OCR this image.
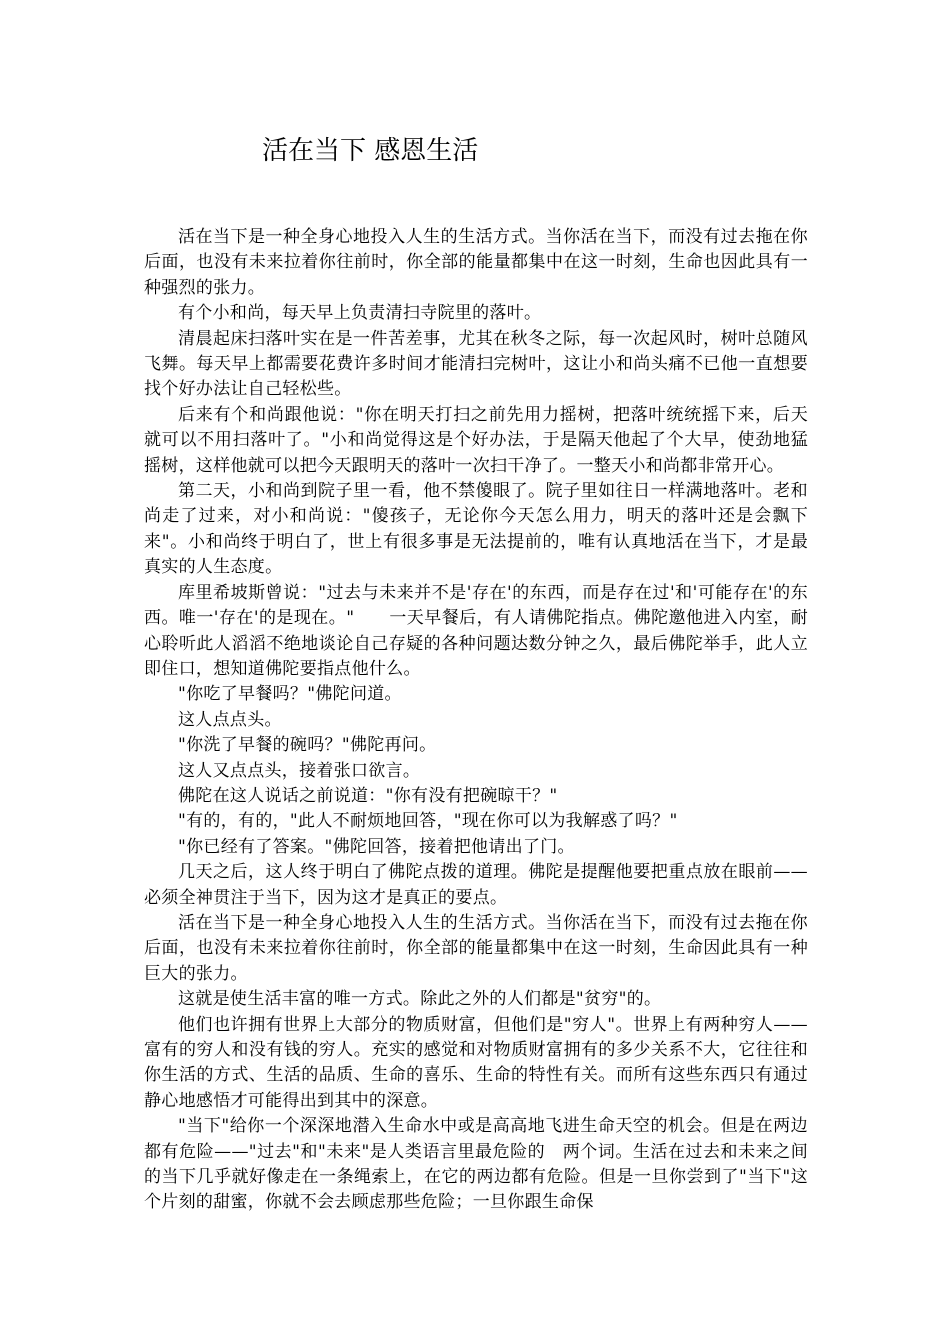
活在当下 感恩生活

活在当下是一种全身心地投入人生的生活方式。当你活在当下，而没有过去拖在你后面，也没有未来拉着你往前时，你全部的能量都集中在这一时刻，生命也因此具有一种强烈的张力。

有个小和尚，每天早上负责清扫寺院里的落叶。

清晨起床扫落叶实在是一件苦差事，尤其在秋冬之际，每一次起风时，树叶总随风飞舞。每天早上都需要花费许多时间才能清扫完树叶，这让小和尚头痛不已他一直想要找个好办法让自己轻松些。

后来有个和尚跟他说："你在明天打扫之前先用力摇树，把落叶统统摇下来，后天就可以不用扫落叶了。"小和尚觉得这是个好办法，于是隔天他起了个大早，使劲地猛摇树，这样他就可以把今天跟明天的落叶一次扫干净了。一整天小和尚都非常开心。

第二天，小和尚到院子里一看，他不禁傻眼了。院子里如往日一样满地落叶。老和尚走了过来，对小和尚说："傻孩子，无论你今天怎么用力，明天的落叶还是会飘下来"。小和尚终于明白了，世上有很多事是无法提前的，唯有认真地活在当下，才是最真实的人生态度。

库里希坡斯曾说："过去与未来并不是'存在'的东西，而是存在过'和'可能存在'的东西。唯一'存在'的是现在。"　　一天早餐后，有人请佛陀指点。佛陀邀他进入内室，耐心聆听此人滔滔不绝地谈论自己存疑的各种问题达数分钟之久，最后佛陀举手，此人立即住口，想知道佛陀要指点他什么。

"你吃了早餐吗？"佛陀问道。

这人点点头。

"你洗了早餐的碗吗？"佛陀再问。

这人又点点头，接着张口欲言。

佛陀在这人说话之前说道："你有没有把碗晾干？"

"有的，有的，"此人不耐烦地回答，"现在你可以为我解惑了吗？"

"你已经有了答案。"佛陀回答，接着把他请出了门。

几天之后，这人终于明白了佛陀点拨的道理。佛陀是提醒他要把重点放在眼前——必须全神贯注于当下，因为这才是真正的要点。

活在当下是一种全身心地投入人生的生活方式。当你活在当下，而没有过去拖在你后面，也没有未来拉着你往前时，你全部的能量都集中在这一时刻，生命因此具有一种巨大的张力。

这就是使生活丰富的唯一方式。除此之外的人们都是"贫穷"的。

他们也许拥有世界上大部分的物质财富，但他们是"穷人"。世界上有两种穷人——富有的穷人和没有钱的穷人。充实的感觉和对物质财富拥有的多少关系不大，它往往和你生活的方式、生活的品质、生命的喜乐、生命的特性有关。而所有这些东西只有通过静心地感悟才可能得出到其中的深意。

"当下"给你一个深深地潜入生命水中或是高高地飞进生命天空的机会。但是在两边都有危险——"过去"和"未来"是人类语言里最危险的　两个词。生活在过去和未来之间的当下几乎就好像走在一条绳索上，在它的两边都有危险。但是一旦你尝到了"当下"这个片刻的甜蜜，你就不会去顾虑那些危险；一旦你跟生命保
